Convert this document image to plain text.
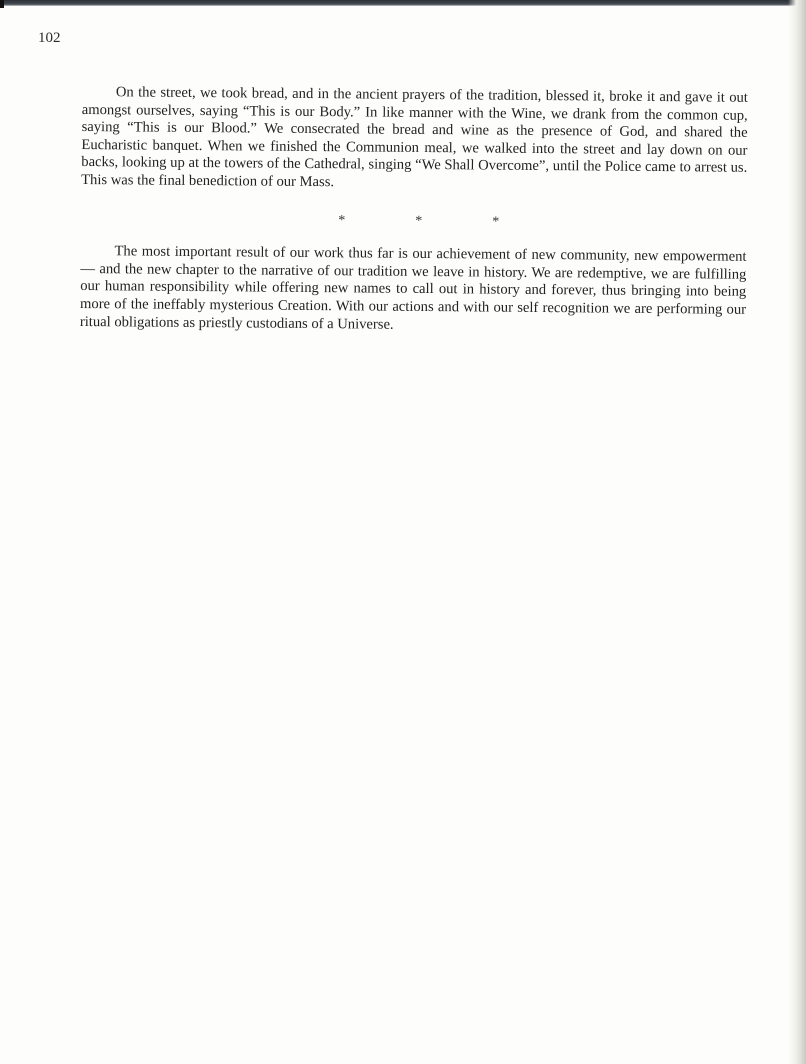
102

On the street, we took bread, and in the ancient prayers of the tradition, blessed it, broke it and gave it out amongst ourselves, saying “This is our Body.” In like manner with the Wine, we drank from the common cup, saying “This is our Blood.” We consecrated the bread and wine as the presence of God, and shared the Eucharistic banquet. When we finished the Communion meal, we walked into the street and lay down on our backs, looking up at the towers of the Cathedral, singing “We Shall Overcome”, until the Police came to arrest us. This was the final benediction of our Mass.

*	*	*

The most important result of our work thus far is our achievement of new community, new empowerment — and the new chapter to the narrative of our tradition we leave in history. We are redemptive, we are fulfilling our human responsibility while offering new names to call out in history and forever, thus bringing into being more of the ineffably mysterious Creation. With our actions and with our self recognition we are performing our ritual obligations as priestly custodians of a Universe.
